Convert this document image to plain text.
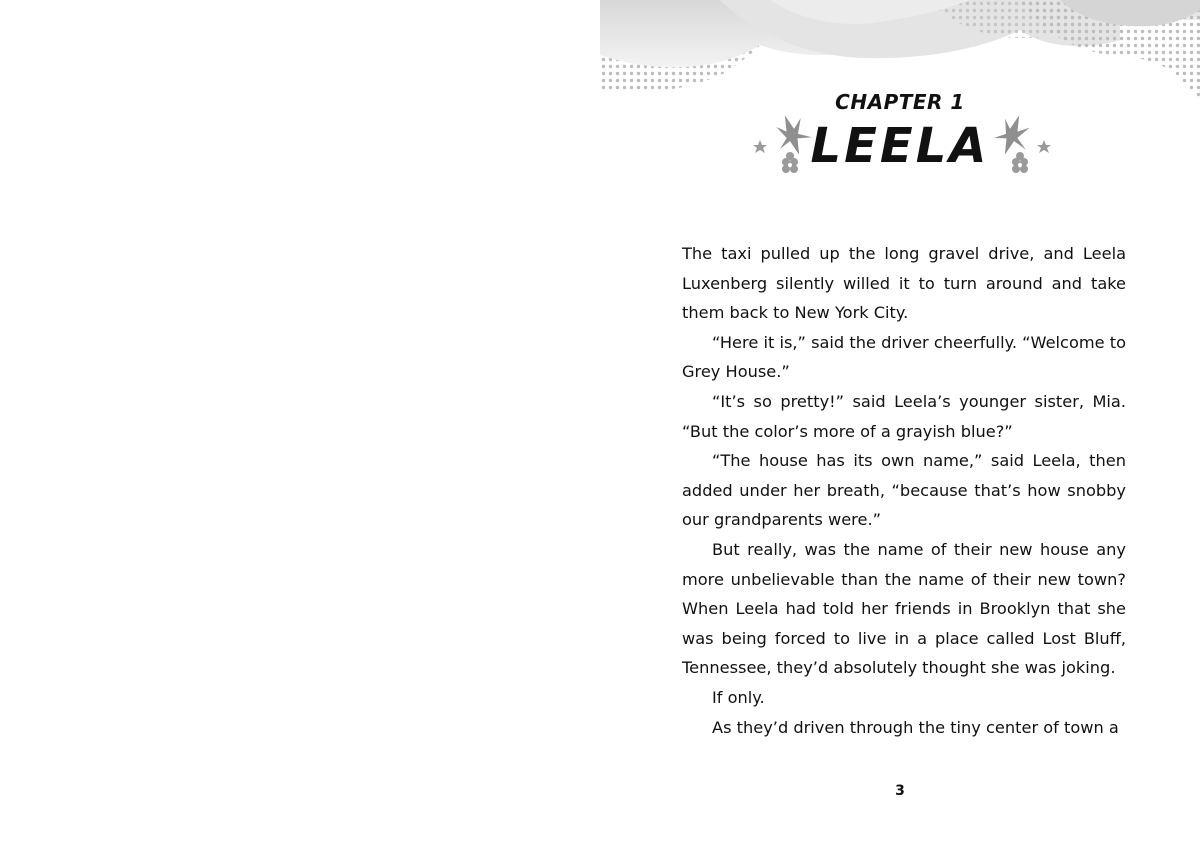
CHAPTER 1
LEELA

The taxi pulled up the long gravel drive, and Leela Luxenberg silently willed it to turn around and take them back to New York City.

“Here it is,” said the driver cheerfully. “Welcome to Grey House.”

“It’s so pretty!” said Leela’s younger sister, Mia. “But the color’s more of a grayish blue?”

“The house has its own name,” said Leela, then added under her breath, “because that’s how snobby our grandparents were.”

But really, was the name of their new house any more unbelievable than the name of their new town? When Leela had told her friends in Brooklyn that she was being forced to live in a place called Lost Bluff, Tennessee, they’d absolutely thought she was joking.

If only.

As they’d driven through the tiny center of town a

3
